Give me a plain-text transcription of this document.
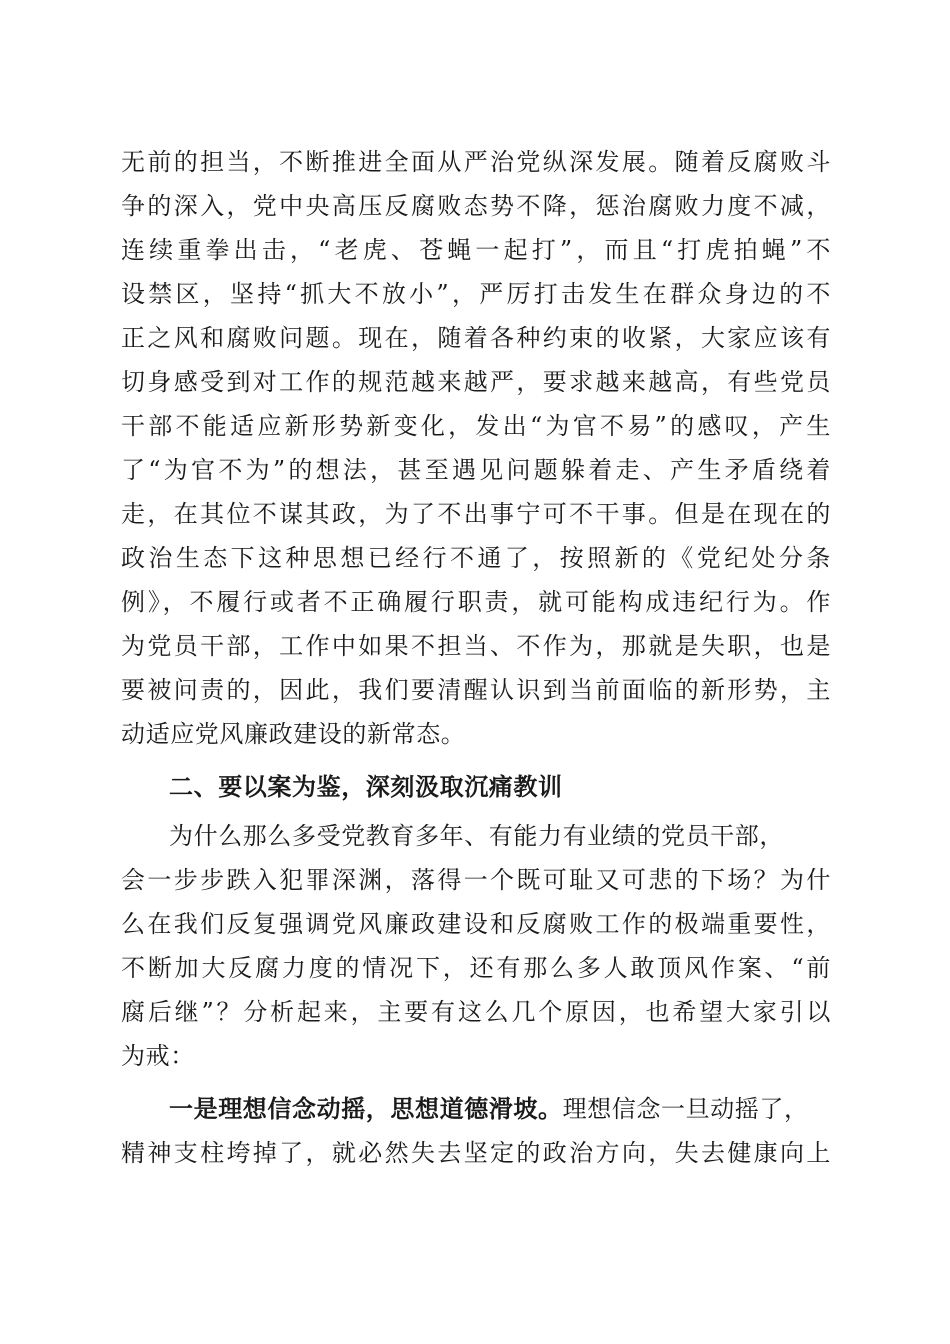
无前的担当，不断推进全面从严治党纵深发展。随着反腐败斗
争的深入，党中央高压反腐败态势不降，惩治腐败力度不减，
连续重拳出击，“老虎、苍蝇一起打”，而且“打虎拍蝇”不
设禁区，坚持“抓大不放小”，严厉打击发生在群众身边的不
正之风和腐败问题。现在，随着各种约束的收紧，大家应该有
切身感受到对工作的规范越来越严，要求越来越高，有些党员
干部不能适应新形势新变化，发出“为官不易”的感叹，产生
了“为官不为”的想法，甚至遇见问题躲着走、产生矛盾绕着
走，在其位不谋其政，为了不出事宁可不干事。但是在现在的
政治生态下这种思想已经行不通了，按照新的《党纪处分条
例》，不履行或者不正确履行职责，就可能构成违纪行为。作
为党员干部，工作中如果不担当、不作为，那就是失职，也是
要被问责的，因此，我们要清醒认识到当前面临的新形势，主
动适应党风廉政建设的新常态。
二、要以案为鉴，深刻汲取沉痛教训
为什么那么多受党教育多年、有能力有业绩的党员干部，
会一步步跌入犯罪深渊，落得一个既可耻又可悲的下场？为什
么在我们反复强调党风廉政建设和反腐败工作的极端重要性，
不断加大反腐力度的情况下，还有那么多人敢顶风作案、“前
腐后继”？分析起来，主要有这么几个原因，也希望大家引以
为戒：
一是理想信念动摇，思想道德滑坡。理想信念一旦动摇了，
精神支柱垮掉了，就必然失去坚定的政治方向，失去健康向上
